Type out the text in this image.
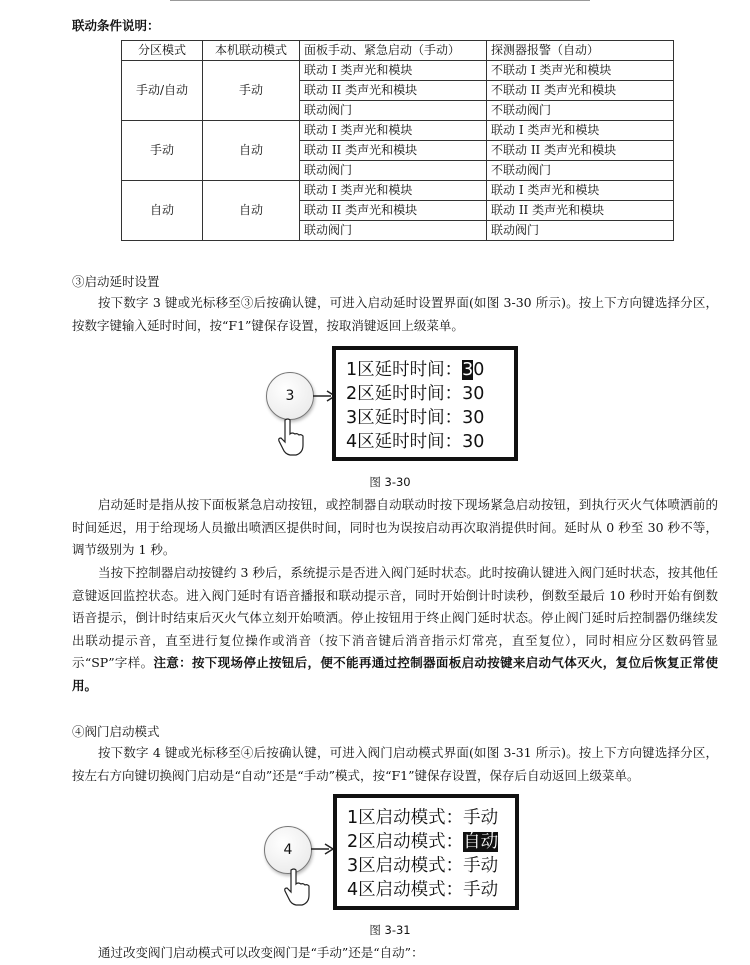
联动条件说明：
分区模式	本机联动模式	面板手动、紧急启动（手动）	探测器报警（自动）
手动/自动	手动	联动 I 类声光和模块	不联动 I 类声光和模块
		联动 II 类声光和模块	不联动 II 类声光和模块
		联动阀门	不联动阀门
手动	自动	联动 I 类声光和模块	联动 I 类声光和模块
		联动 II 类声光和模块	不联动 II 类声光和模块
		联动阀门	不联动阀门
自动	自动	联动 I 类声光和模块	联动 I 类声光和模块
		联动 II 类声光和模块	联动 II 类声光和模块
		联动阀门	联动阀门
③启动延时设置

按下数字 3 键或光标移至③后按确认键，可进入启动延时设置界面(如图 3-30 所示)。按上下方向键选择分区，按数字键输入延时时间，按“F1”键保存设置，按取消键返回上级菜单。

3
1区延时时间：30
2区延时时间：30
3区延时时间：30
4区延时时间：30
图 3-30

启动延时是指从按下面板紧急启动按钮，或控制器自动联动时按下现场紧急启动按钮，到执行灭火气体喷洒前的时间延迟，用于给现场人员撤出喷洒区提供时间，同时也为误按启动再次取消提供时间。延时从 0 秒至 30 秒不等，调节级别为 1 秒。

当按下控制器启动按键约 3 秒后，系统提示是否进入阀门延时状态。此时按确认键进入阀门延时状态，按其他任意键返回监控状态。进入阀门延时有语音播报和联动提示音，同时开始倒计时读秒，倒数至最后 10 秒时开始有倒数语音提示，倒计时结束后灭火气体立刻开始喷洒。停止按钮用于终止阀门延时状态。停止阀门延时后控制器仍继续发出联动提示音，直至进行复位操作或消音（按下消音键后消音指示灯常亮，直至复位），同时相应分区数码管显示“SP”字样。注意：按下现场停止按钮后，便不能再通过控制器面板启动按键来启动气体灭火，复位后恢复正常使用。

④阀门启动模式

按下数字 4 键或光标移至④后按确认键，可进入阀门启动模式界面(如图 3-31 所示)。按上下方向键选择分区，按左右方向键切换阀门启动是“自动”还是“手动”模式，按“F1”键保存设置，保存后自动返回上级菜单。

4
1区启动模式：手动
2区启动模式：自动
3区启动模式：手动
4区启动模式：手动
图 3-31

通过改变阀门启动模式可以改变阀门是“手动”还是“自动”：
